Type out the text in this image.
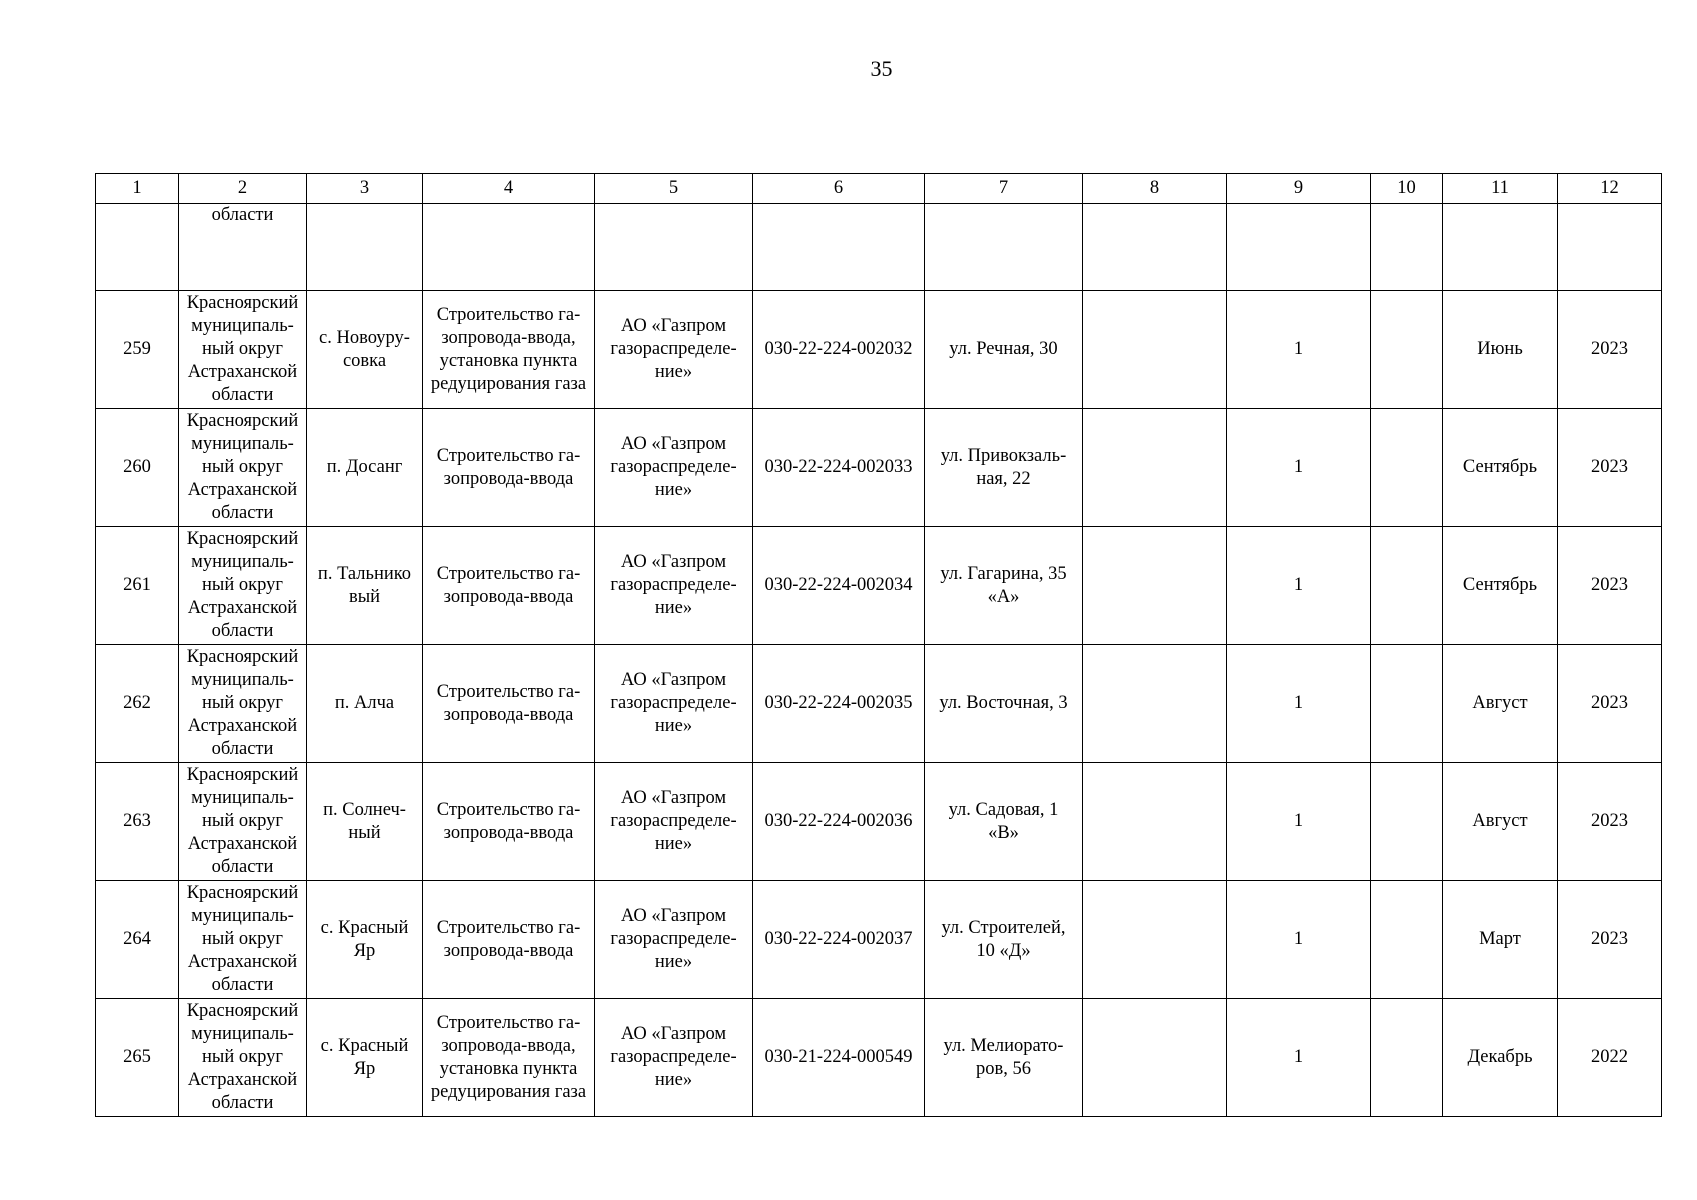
35
1	2	3	4	5	6	7	8	9	10	11	12
	области										

259	Красноярский
муниципаль-
ный округ
Астраханской
области	с. Новоуру-
совка	Строительство га-
зопровода-ввода,
установка пункта
редуцирования газа	АО «Газпром
газораспределе-
ние»	030-22-224-002032	ул. Речная, 30		1		Июнь	2023

260	Красноярский
муниципаль-
ный округ
Астраханской
области	п. Досанг	Строительство га-
зопровода-ввода	АО «Газпром
газораспределе-
ние»	030-22-224-002033	ул. Привокзаль-
ная, 22		1		Сентябрь	2023

261	Красноярский
муниципаль-
ный округ
Астраханской
области	п. Тальнико
вый	Строительство га-
зопровода-ввода	АО «Газпром
газораспределе-
ние»	030-22-224-002034	ул. Гагарина, 35
«А»		1		Сентябрь	2023

262	Красноярский
муниципаль-
ный округ
Астраханской
области	п. Алча	Строительство га-
зопровода-ввода	АО «Газпром
газораспределе-
ние»	030-22-224-002035	ул. Восточная, 3		1		Август	2023

263	Красноярский
муниципаль-
ный округ
Астраханской
области	п. Солнеч-
ный	Строительство га-
зопровода-ввода	АО «Газпром
газораспределе-
ние»	030-22-224-002036	ул. Садовая, 1
«В»		1		Август	2023

264	Красноярский
муниципаль-
ный округ
Астраханской
области	с. Красный
Яр	Строительство га-
зопровода-ввода	АО «Газпром
газораспределе-
ние»	030-22-224-002037	ул. Строителей,
10 «Д»		1		Март	2023

265	Красноярский
муниципаль-
ный округ
Астраханской
области	с. Красный
Яр	Строительство га-
зопровода-ввода,
установка пункта
редуцирования газа	АО «Газпром
газораспределе-
ние»	030-21-224-000549	ул. Мелиорато-
ров, 56		1		Декабрь	2022
